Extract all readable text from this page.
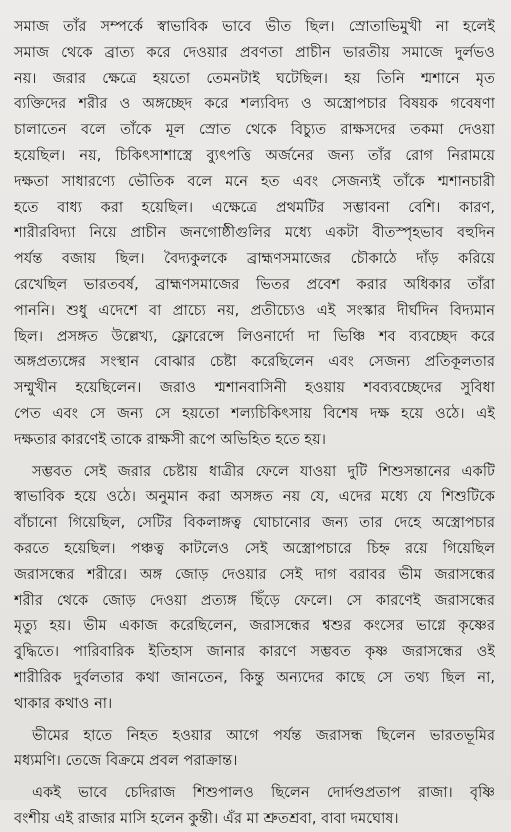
সমাজ তাঁর সম্পর্কে স্বাভাবিক ভাবে ভীত ছিল। স্রোতাভিমুখী না হলেই
সমাজ থেকে ব্রাত্য করে দেওয়ার প্রবণতা প্রাচীন ভারতীয় সমাজে দুর্লভও
নয়। জরার ক্ষেত্রে হয়তো তেমনটাই ঘটেছিল। হয় তিনি শ্মশানে মৃত
ব্যক্তিদের শরীর ও অঙ্গচ্ছেদ করে শল্যবিদ্য ও অস্ত্রোপচার বিষয়ক গবেষণা
চালাতেন বলে তাঁকে মূল স্রোত থেকে বিচ্যুত রাক্ষসদের তকমা দেওয়া
হয়েছিল। নয়, চিকিৎসাশাস্ত্রে ব্যুৎপত্তি অর্জনের জন্য তাঁর রোগ নিরাময়ে
দক্ষতা সাধারণ্যে ভৌতিক বলে মনে হত এবং সেজন্যই তাঁকে শ্মশানচারী
হতে বাধ্য করা হয়েছিল। এক্ষেত্রে প্রথমটির সম্ভাবনা বেশি। কারণ,
শারীরবিদ্যা নিয়ে প্রাচীন জনগোষ্ঠীগুলির মধ্যে একটা বীতস্পৃহভাব বহুদিন
পর্যন্ত বজায় ছিল। বৈদ্যকুলকে ব্রাহ্মণসমাজের চৌকাঠে দাঁড় করিয়ে
রেখেছিল ভারতবর্ষ, ব্রাহ্মণসমাজের ভিতর প্রবেশ করার অধিকার তাঁরা
পাননি। শুধু এদেশে বা প্রাচ্যে নয়, প্রতীচ্যেও এই সংস্কার দীর্ঘদিন বিদ্যমান
ছিল। প্রসঙ্গত উল্লেখ্য, ফ্লোরেন্সে লিওনার্দো দা ভিঞ্চি শব ব্যবচ্ছেদ করে
অঙ্গপ্রত্যঙ্গের সংস্থান বোঝার চেষ্টা করেছিলেন এবং সেজন্য প্রতিকূলতার
সম্মুখীন হয়েছিলেন। জরাও শ্মশানবাসিনী হওয়ায় শবব্যবচ্ছেদের সুবিধা
পেত এবং সে জন্য সে হয়তো শল্যচিকিৎসায় বিশেষ দক্ষ হয়ে ওঠে। এই
দক্ষতার কারণেই তাকে রাক্ষসী রূপে অভিহিত হতে হয়।
সম্ভবত সেই জরার চেষ্টায় ধাত্রীর ফেলে যাওয়া দুটি শিশুসন্তানের একটি
স্বাভাবিক হয়ে ওঠে। অনুমান করা অসঙ্গত নয় যে, এদের মধ্যে যে শিশুটিকে
বাঁচানো গিয়েছিল, সেটির বিকলাঙ্গত্ব ঘোচানোর জন্য তার দেহে অস্ত্রোপচার
করতে হয়েছিল। পঞ্চত্ব কাটলেও সেই অস্ত্রোপচারে চিহ্ন রয়ে গিয়েছিল
জরাসন্ধের শরীরে। অঙ্গ জোড় দেওয়ার সেই দাগ বরাবর ভীম জরাসন্ধের
শরীর থেকে জোড় দেওয়া প্রত্যঙ্গ ছিঁড়ে ফেলে। সে কারণেই জরাসন্ধের
মৃত্যু হয়। ভীম একাজ করেছিলেন, জরাসন্ধের শ্বশুর কংসের ভাগ্নে কৃষ্ণের
বুদ্ধিতে। পারিবারিক ইতিহাস জানার কারণে সম্ভবত কৃষ্ণ জরাসন্ধের ওই
শারীরিক দুর্বলতার কথা জানতেন, কিন্তু অন্যদের কাছে সে তথ্য ছিল না,
থাকার কথাও না।
ভীমের হাতে নিহত হওয়ার আগে পর্যন্ত জরাসন্ধ ছিলেন ভারতভূমির
মধ্যমণি। তেজে বিক্রমে প্রবল পরাক্রান্ত।
একই ভাবে চেদিরাজ শিশুপালও ছিলেন দোর্দণ্ডপ্রতাপ রাজা। বৃষ্ণি
বংশীয় এই রাজার মাসি হলেন কুন্তী। এঁর মা শ্রুতশ্রবা, বাবা দমঘোষ।
